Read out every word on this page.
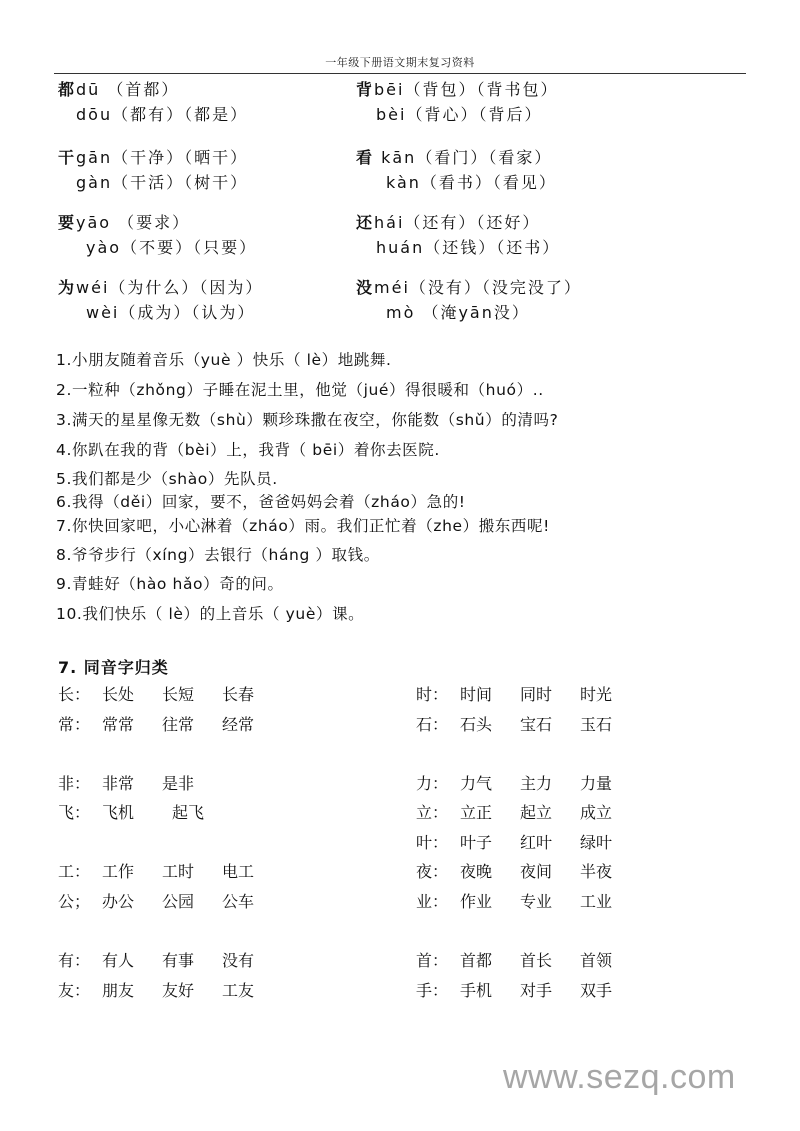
一年级下册语文期末复习资料
都dū （首都）
dōu（都有）（都是）
背bēi（背包）（背书包）
bèi（背心）（背后）
干gān（干净）（晒干）
gàn（干活）（树干）
看 kān（看门）（看家）
kàn（看书）（看见）
要yāo （要求）
yào（不要）（只要）
还hái（还有）（还好）
huán（还钱）（还书）
为wéi（为什么）（因为）
wèi（成为）（认为）
没méi（没有）（没完没了）
mò （淹yān没）
1.小朋友随着音乐（yuè ）快乐（ lè）地跳舞.
2.一粒种（zhǒng）子睡在泥土里，他觉（jué）得很暖和（huó）..
3.满天的星星像无数（shù）颗珍珠撒在夜空，你能数（shǔ）的清吗?
4.你趴在我的背（bèi）上，我背（ bēi）着你去医院.
5.我们都是少（shào）先队员.
6.我得（děi）回家，要不，爸爸妈妈会着（zháo）急的!
7.你快回家吧，小心淋着（zháo）雨。我们正忙着（zhe）搬东西呢!
8.爷爷步行（xíng）去银行（háng ）取钱。
9.青蛙好（hào hǎo）奇的问。
10.我们快乐（ lè）的上音乐（ yuè）课。
7. 同音字归类
长： 长处 长短 长春
常： 常常 往常 经常
非： 非常 是非
飞： 飞机起飞
工： 工作 工时 电工
公； 办公 公园 公车
有： 有人 有事 没有
友： 朋友 友好 工友
时： 时间 同时 时光
石： 石头 宝石 玉石
力： 力气 主力 力量
立： 立正 起立 成立
叶： 叶子 红叶 绿叶
夜： 夜晚 夜间 半夜
业： 作业 专业 工业
首： 首都 首长 首领
手： 手机 对手 双手
www.sezq.com
